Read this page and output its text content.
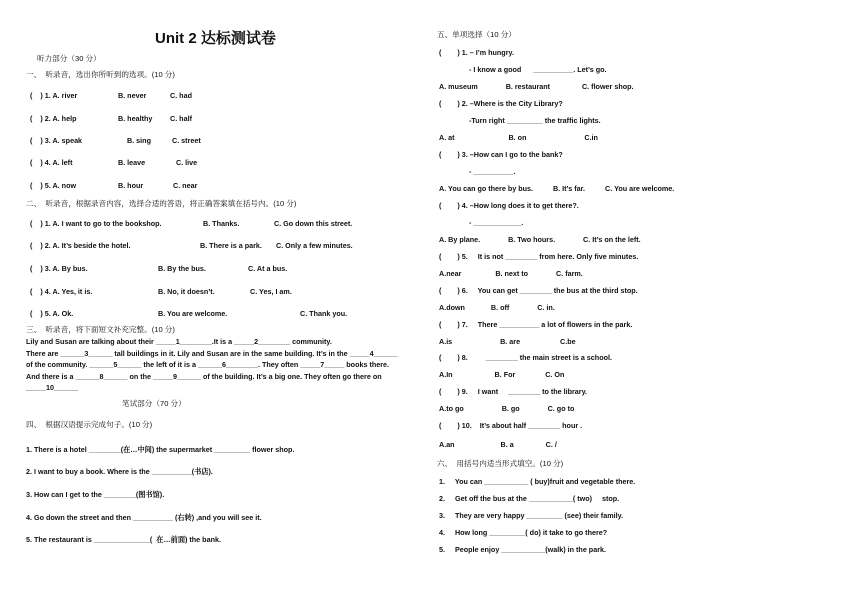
Unit 2 达标测试卷
听力部分（30 分）
一、  听录音，选出你所听到的选项。(10 分)
(    ) 1. A. river	B. never	C. had
(    ) 2. A. help	B. healthy C. half
(    ) 3. A. speak	B. sing	C. street
(    ) 4. A. left	B. leave	C. live
(    ) 5. A. now	B. hour	C. near
二、  听录音，根据录音内容，选择合适的答语，将正确答案填在括号内。(10 分)
(    ) 1. A. I want to go to the bookshop.	B. Thanks.	C. Go down this street.
(    ) 2. A. It’s beside the hotel.	B. There is a park. C. Only a few minutes.
(    ) 3. A. By bus.	B. By the bus.	C. At a bus.
(    ) 4. A. Yes, it is.	B. No, it doesn’t.	C. Yes, I am.
(    ) 5. A. Ok.	B. You are welcome.	C. Thank you.
三、  听录音，将下面短文补充完整。(10 分)
Lily and Susan are talking about their _____1________.It is a _____2________ community.
There are ______3______ tall buildings in it. Lily and Susan are in the same building. It’s in the _____4______
of the community. ______5______ the left of it is a ______6________. They often _____7_____ books there.
And there is a ______8______ on the _____9______ of the building. It’s a big one. They often go there on
_____10______
笔试部分（70 分）
四、  根据汉语提示完成句子。(10 分)
1. There is a hotel ________(在…中间) the supermarket _________ flower shop.
2. I want to buy a book. Where is the __________(书店).
3. How can I get to the ________(图书馆).
4. Go down the street and then __________ (右转) ,and you will see it.
5. The restaurant is ______________(  在…前面) the bank.
五、单项选择（10 分）
(        ) 1. – I’m hungry.
- I know a good      __________. Let’s go.
A. museum              B. restaurant                C. flower shop.
(        ) 2. –Where is the City Library?
-Turn right _________ the traffic lights.
A. at                           B. on                             C.in
(        ) 3. –How can I go to the bank?
- __________.
A. You can go there by bus.          B. It’s far.          C. You are welcome.
(        ) 4. –How long does it to get there?.
- ____________.
A. By plane.              B. Two hours.              C. It’s on the left.
(        ) 5.     It is not ________ from here. Only five minutes.
A.near                 B. next to              C. farm.
(        ) 6.     You can get ________ the bus at the third stop.
A.down             B. off              C. in.
(        ) 7.     There __________ a lot of flowers in the park.
A.is                        B. are                    C.be
(        ) 8.         ________ the main street is a school.
A.In                     B. For               C. On
(        ) 9.     I want     ________ to the library.
A.to go                   B. go              C. go to
(        ) 10.    It’s about half ________ hour .
A.an                       B. a                C. /
六、  用括号内适当形式填空。(10 分)
1.     You can ___________ ( buy)fruit and vegetable there.
2.     Get off the bus at the ___________( two)     stop.
3.     They are very happy _________ (see) their family.
4.     How long _________( do) it take to go there?
5.     People enjoy ___________(walk) in the park.
